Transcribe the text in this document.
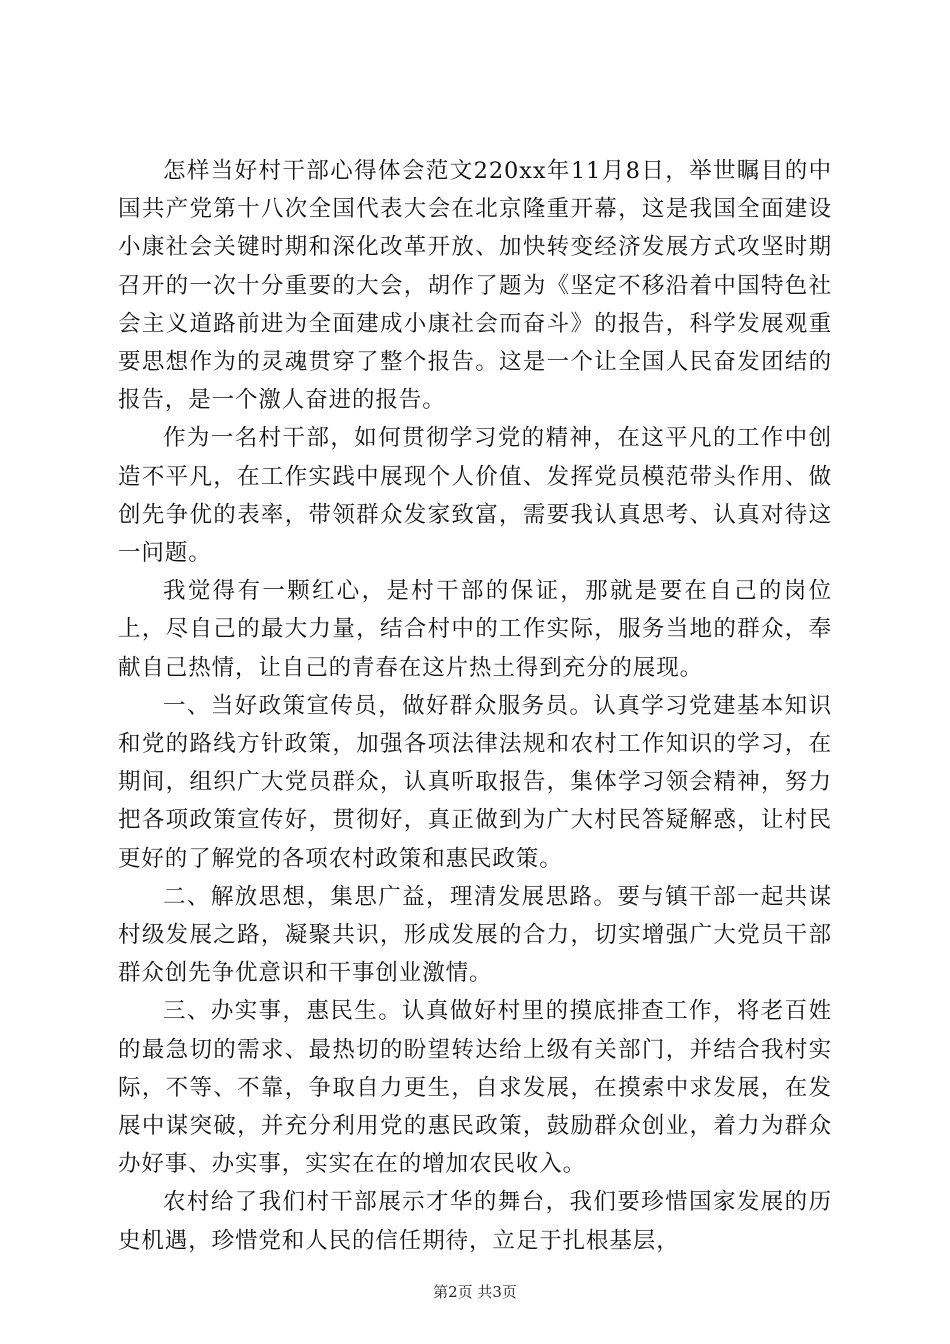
怎样当好村干部心得体会范文220xx年11月8日，举世瞩目的中国共产党第十八次全国代表大会在北京隆重开幕，这是我国全面建设小康社会关键时期和深化改革开放、加快转变经济发展方式攻坚时期召开的一次十分重要的大会，胡作了题为《坚定不移沿着中国特色社会主义道路前进为全面建成小康社会而奋斗》的报告，科学发展观重要思想作为的灵魂贯穿了整个报告。这是一个让全国人民奋发团结的报告，是一个激人奋进的报告。

作为一名村干部，如何贯彻学习党的精神，在这平凡的工作中创造不平凡，在工作实践中展现个人价值、发挥党员模范带头作用、做创先争优的表率，带领群众发家致富，需要我认真思考、认真对待这一问题。

我觉得有一颗红心，是村干部的保证，那就是要在自己的岗位上，尽自己的最大力量，结合村中的工作实际，服务当地的群众，奉献自己热情，让自己的青春在这片热土得到充分的展现。

一、当好政策宣传员，做好群众服务员。认真学习党建基本知识和党的路线方针政策，加强各项法律法规和农村工作知识的学习，在期间，组织广大党员群众，认真听取报告，集体学习领会精神，努力把各项政策宣传好，贯彻好，真正做到为广大村民答疑解惑，让村民更好的了解党的各项农村政策和惠民政策。

二、解放思想，集思广益，理清发展思路。要与镇干部一起共谋村级发展之路，凝聚共识，形成发展的合力，切实增强广大党员干部群众创先争优意识和干事创业激情。

三、办实事，惠民生。认真做好村里的摸底排查工作，将老百姓的最急切的需求、最热切的盼望转达给上级有关部门，并结合我村实际，不等、不靠，争取自力更生，自求发展，在摸索中求发展，在发展中谋突破，并充分利用党的惠民政策，鼓励群众创业，着力为群众办好事、办实事，实实在在的增加农民收入。

农村给了我们村干部展示才华的舞台，我们要珍惜国家发展的历史机遇，珍惜党和人民的信任期待，立足于扎根基层，

第2页 共3页
